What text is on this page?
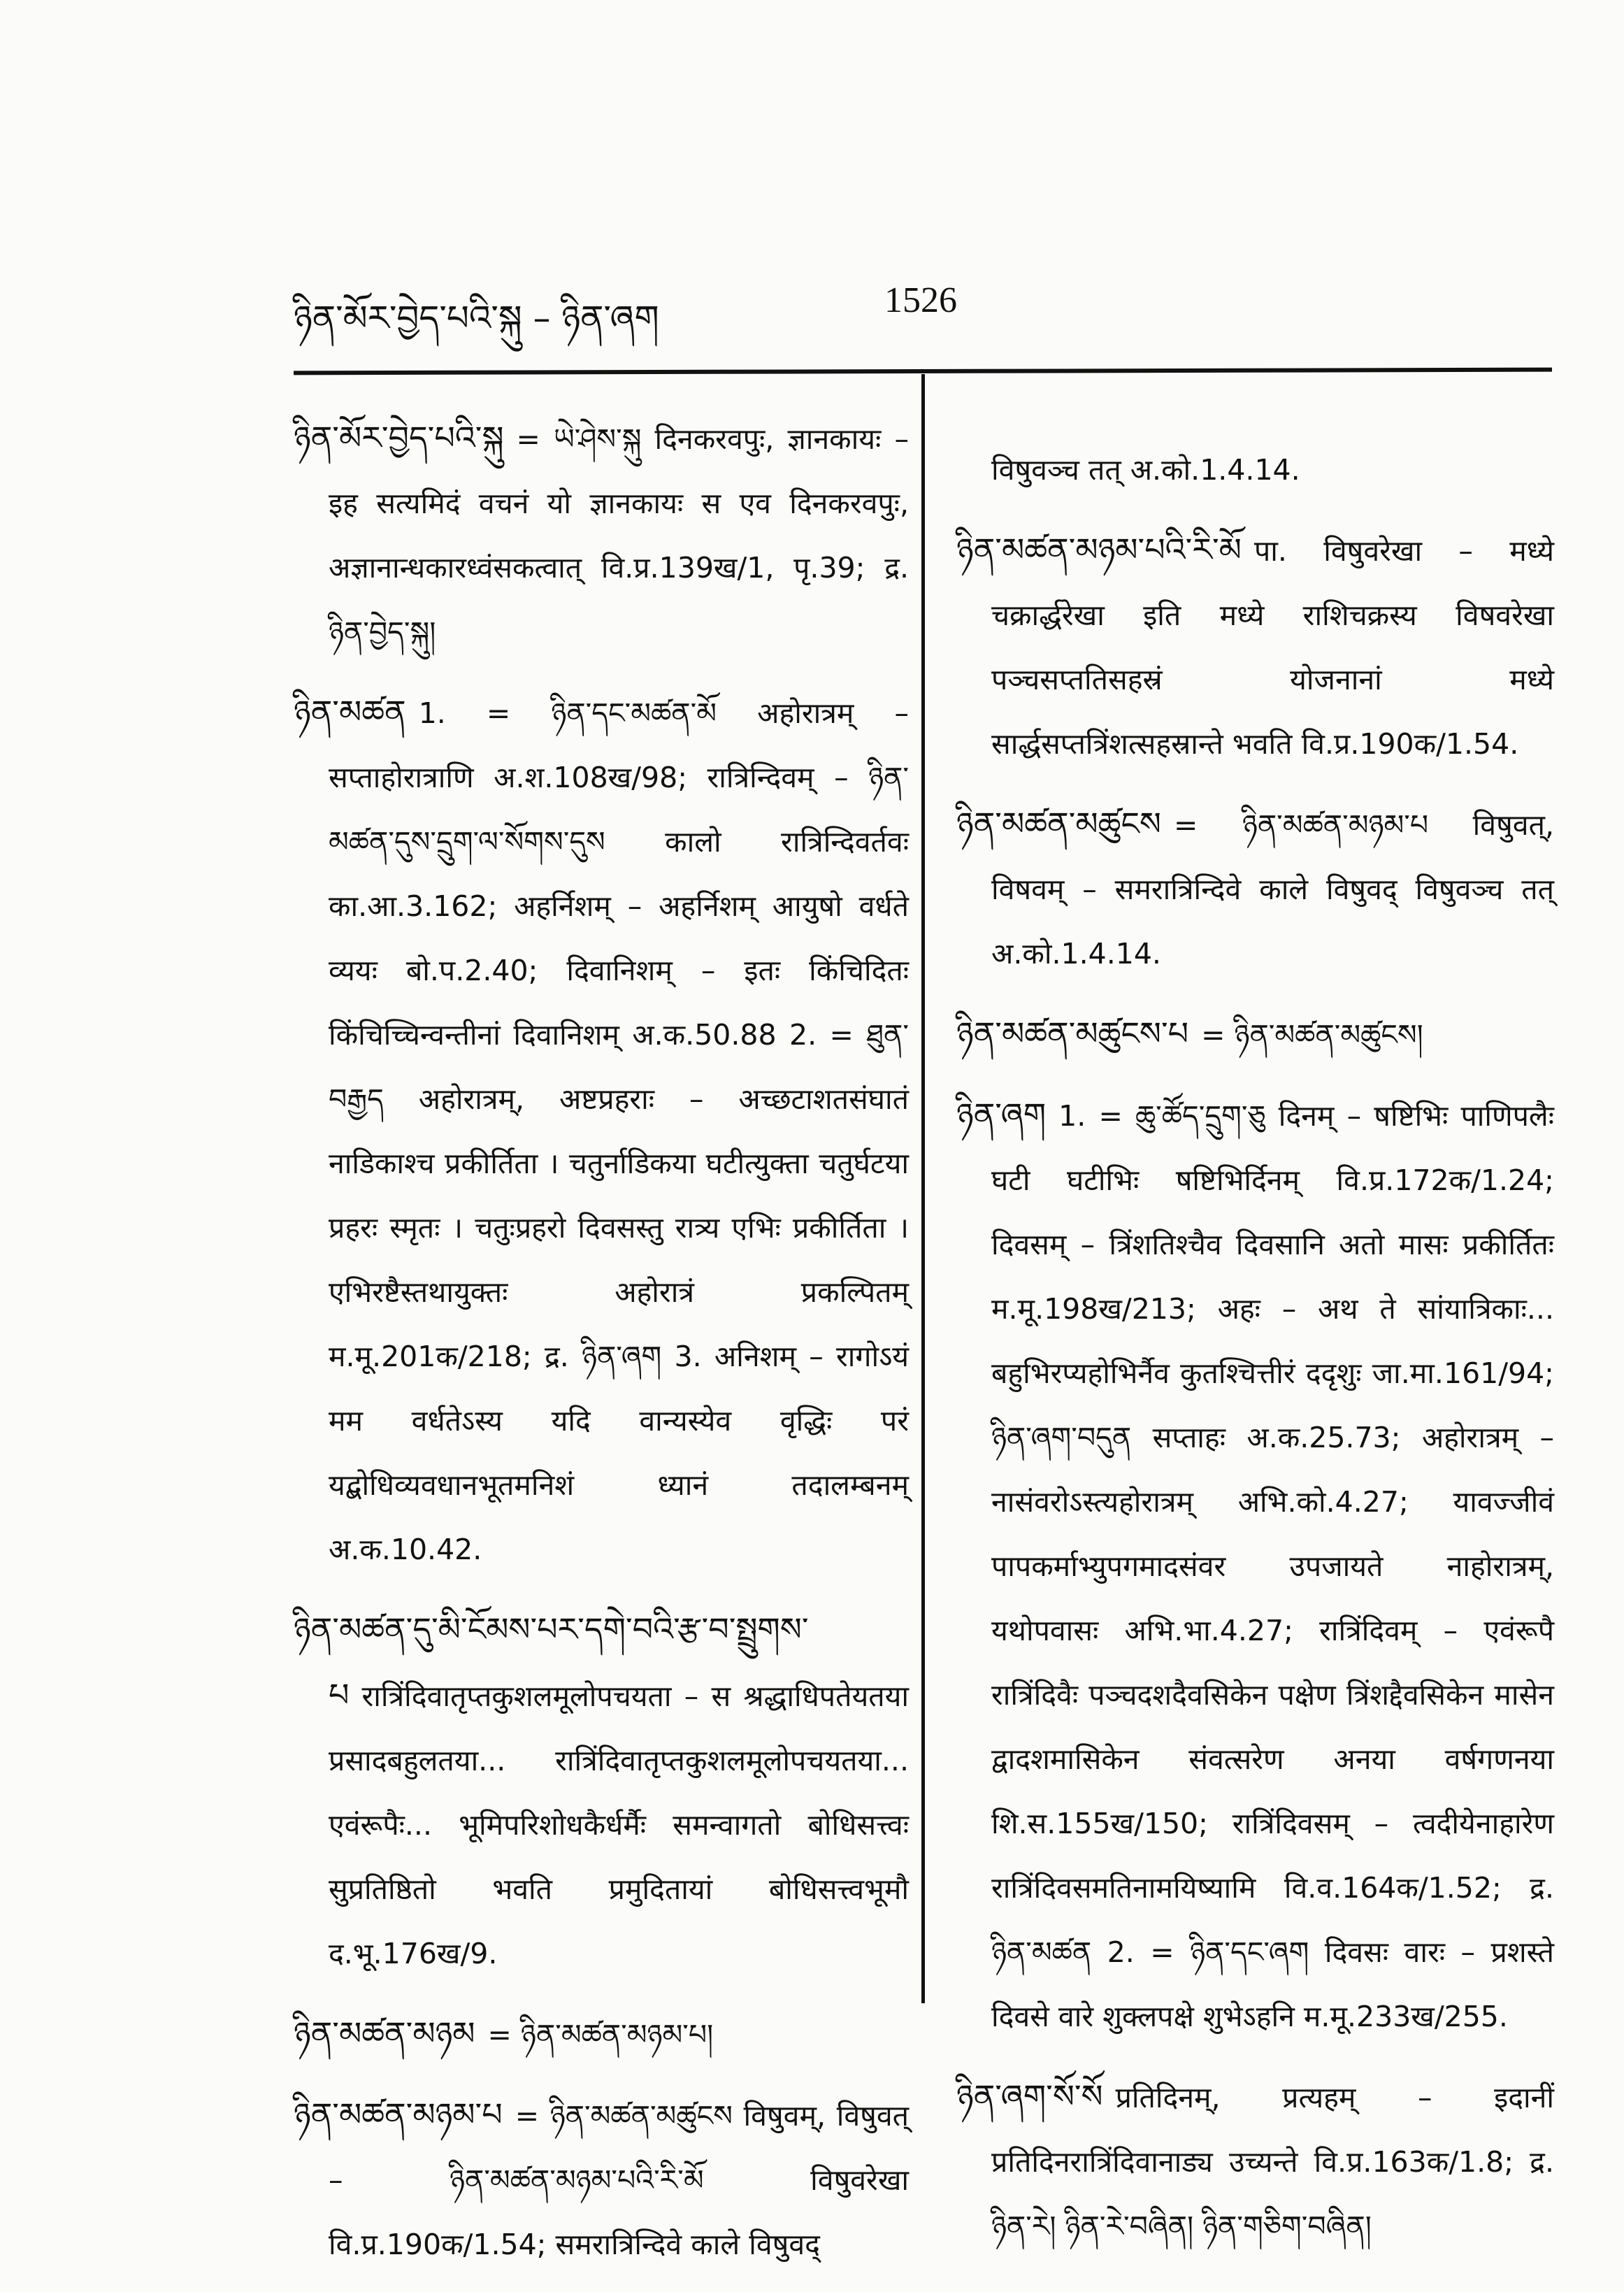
ཉིན་མོར་བྱེད་པའི་སྐུ – ཉིན་ཞག	1526

ཉིན་མོར་བྱེད་པའི་སྐུ = ཡེ་ཤེས་སྐུ दिनकरवपुः, ज्ञानकायः – इह सत्यमिदं वचनं यो ज्ञानकायः स एव दिनकरवपुः, अज्ञानान्धकारध्वंसकत्वात् वि.प्र.139ख/1, पृ.39; द्र. ཉིན་བྱེད་སྐུ།

ཉིན་མཚན 1. = ཉིན་དང་མཚན་མོ अहोरात्रम् – सप्ताहोरात्राणि अ.श.108ख/98; रात्रिन्दिवम् – ཉིན་མཚན་དུས་དྲུག་ལ་སོགས་དུས कालो रात्रिन्दिवर्तवः का.आ.3.162; अहर्निशम् – अहर्निशम् आयुषो वर्धते व्ययः बो.प.2.40; दिवानिशम् – इतः किंचिदितः किंचिच्चिन्वन्तीनां दिवानिशम् अ.क.50.88 2. = ཐུན་བརྒྱད अहोरात्रम्, अष्टप्रहराः – अच्छटाशतसंघातं नाडिकाश्च प्रकीर्तिता । चतुर्नाडिकया घटीत्युक्ता चतुर्घटया प्रहरः स्मृतः । चतुःप्रहरो दिवसस्तु रात्र्य एभिः प्रकीर्तिता । एभिरष्टैस्तथायुक्तः अहोरात्रं प्रकल्पितम् म.मू.201क/218; द्र. ཉིན་ཞག 3. अनिशम् – रागोऽयं मम वर्धतेऽस्य यदि वान्यस्येव वृद्धिः परं यद्बोधिव्यवधानभूतमनिशं ध्यानं तदालम्बनम् अ.क.10.42.

ཉིན་མཚན་དུ་མི་ངོམས་པར་དགེ་བའི་རྩ་བ་སྤྲུགས་པ रात्रिंदिवातृप्तकुशलमूलोपचयता – स श्रद्धाधिपतेयतया प्रसादबहुलतया... रात्रिंदिवातृप्तकुशलमूलोपचयतया... एवंरूपैः... भूमिपरिशोधकैर्धर्मैः समन्वागतो बोधिसत्त्वः सुप्रतिष्ठितो भवति प्रमुदितायां बोधिसत्त्वभूमौ द.भू.176ख/9.

ཉིན་མཚན་མཉམ = ཉིན་མཚན་མཉམ་པ།

ཉིན་མཚན་མཉམ་པ = ཉིན་མཚན་མཚུངས विषुवम्, विषुवत् – ཉིན་མཚན་མཉམ་པའི་རི་མོ विषुवरेखा वि.प्र.190क/1.54; समरात्रिन्दिवे काले विषुवद्

विषुवञ्च तत् अ.को.1.4.14.

ཉིན་མཚན་མཉམ་པའི་རི་མོ पा. विषुवरेखा – मध्ये चक्रार्द्धरेखा इति मध्ये राशिचक्रस्य विषवरेखा पञ्चसप्ततिसहस्रं योजनानां मध्ये सार्द्धसप्तत्रिंशत्सहस्रान्ते भवति वि.प्र.190क/1.54.

ཉིན་མཚན་མཚུངས = ཉིན་མཚན་མཉམ་པ विषुवत्, विषवम् – समरात्रिन्दिवे काले विषुवद् विषुवञ्च तत् अ.को.1.4.14.

ཉིན་མཚན་མཚུངས་པ = ཉིན་མཚན་མཚུངས།

ཉིན་ཞག 1. = ཆུ་ཚོད་དྲུག་ཅུ दिनम् – षष्टिभिः पाणिपलैः घटी घटीभिः षष्टिभिर्दिनम् वि.प्र.172क/1.24; दिवसम् – त्रिंशतिश्चैव दिवसानि अतो मासः प्रकीर्तितः म.मू.198ख/213; अहः – अथ ते सांयात्रिकाः... बहुभिरप्यहोभिर्नैव कुतश्चित्तीरं ददृशुः जा.मा.161/94; ཉིན་ཞག་བདུན सप्ताहः अ.क.25.73; अहोरात्रम् – नासंवरोऽस्त्यहोरात्रम् अभि.को.4.27; यावज्जीवं पापकर्माभ्युपगमादसंवर उपजायते नाहोरात्रम्, यथोपवासः अभि.भा.4.27; रात्रिंदिवम् – एवंरूपै रात्रिंदिवैः पञ्चदशदैवसिकेन पक्षेण त्रिंशद्दैवसिकेन मासेन द्वादशमासिकेन संवत्सरेण अनया वर्षगणनया शि.स.155ख/150; रात्रिंदिवसम् – त्वदीयेनाहारेण रात्रिंदिवसमतिनामयिष्यामि वि.व.164क/1.52; द्र. ཉིན་མཚན 2. = ཉིན་དང་ཞག दिवसः वारः – प्रशस्ते दिवसे वारे शुक्लपक्षे शुभेऽहनि म.मू.233ख/255.

ཉིན་ཞག་སོ་སོ प्रतिदिनम्, प्रत्यहम् – इदानीं प्रतिदिनरात्रिंदिवानाड्य उच्यन्ते वि.प्र.163क/1.8; द्र. ཉིན་རེ། ཉིན་རེ་བཞིན། ཉིན་གཅིག་བཞིན།
